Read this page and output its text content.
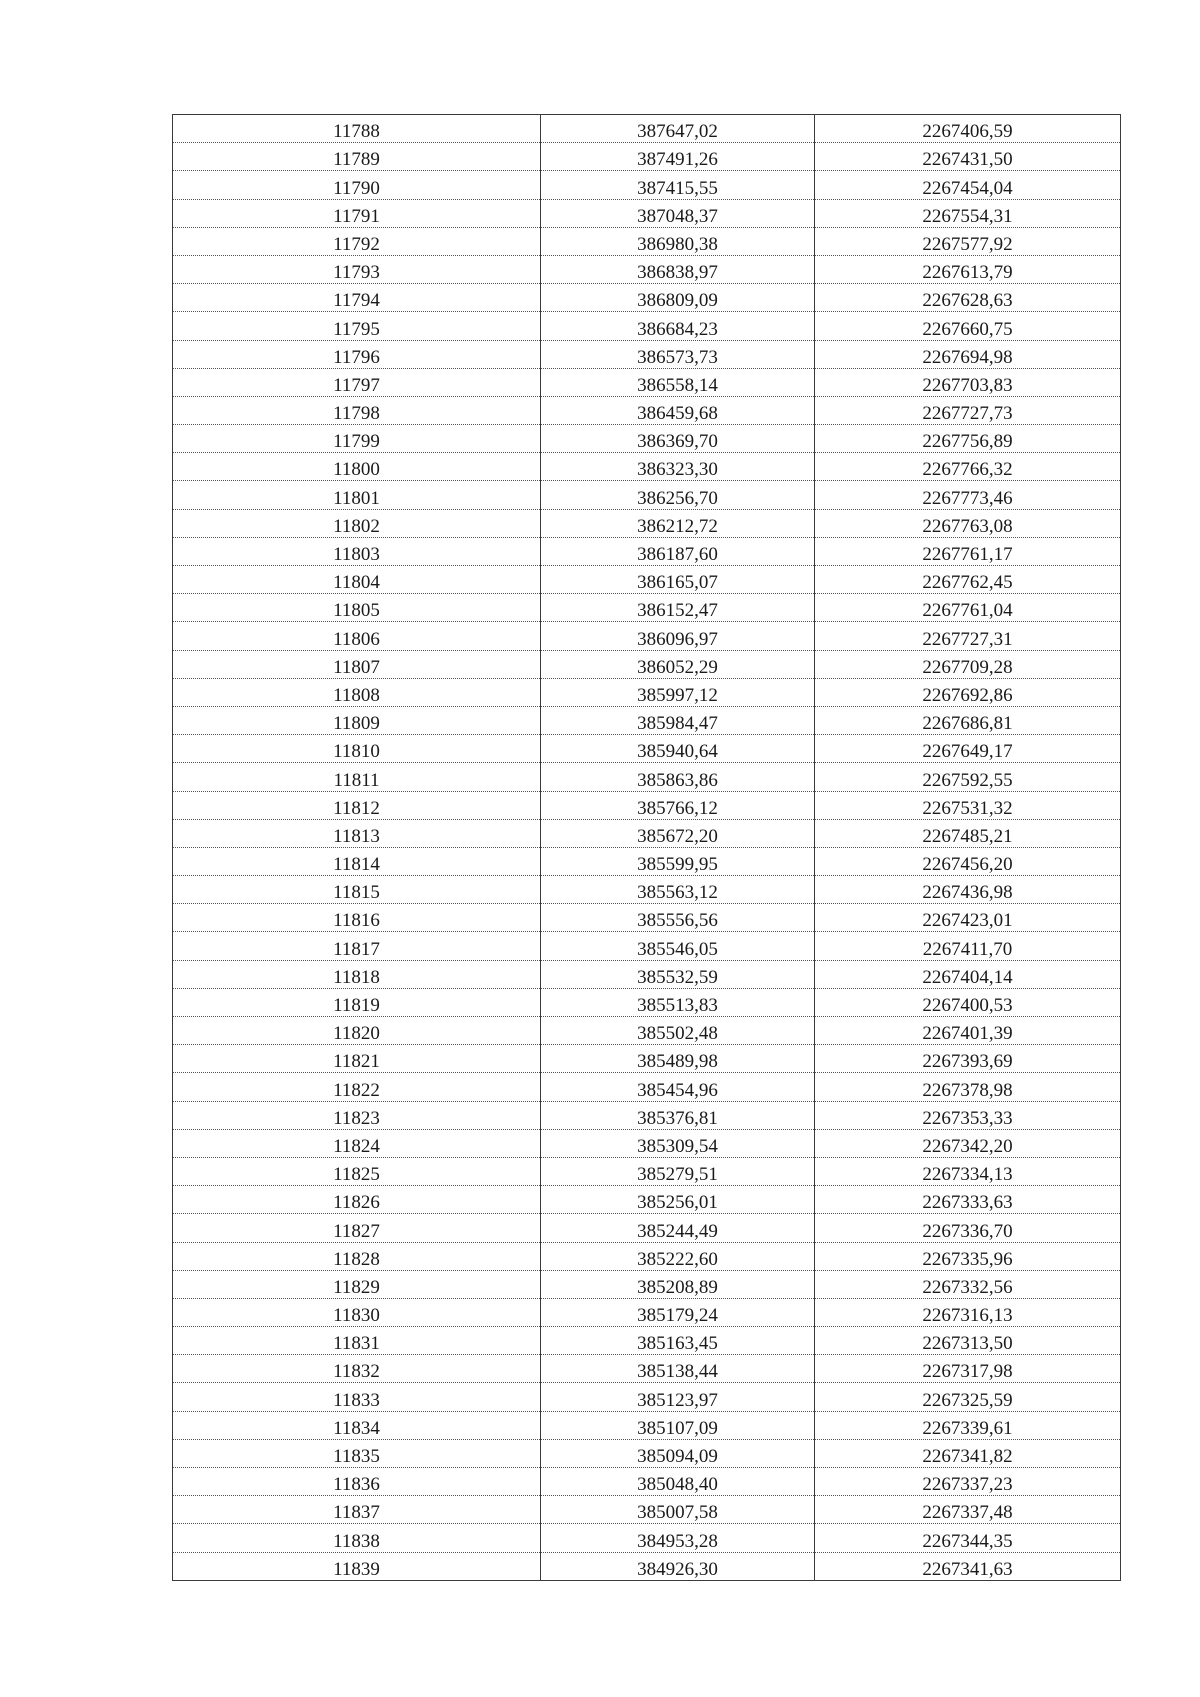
11788	387647,02	2267406,59
11789	387491,26	2267431,50
11790	387415,55	2267454,04
11791	387048,37	2267554,31
11792	386980,38	2267577,92
11793	386838,97	2267613,79
11794	386809,09	2267628,63
11795	386684,23	2267660,75
11796	386573,73	2267694,98
11797	386558,14	2267703,83
11798	386459,68	2267727,73
11799	386369,70	2267756,89
11800	386323,30	2267766,32
11801	386256,70	2267773,46
11802	386212,72	2267763,08
11803	386187,60	2267761,17
11804	386165,07	2267762,45
11805	386152,47	2267761,04
11806	386096,97	2267727,31
11807	386052,29	2267709,28
11808	385997,12	2267692,86
11809	385984,47	2267686,81
11810	385940,64	2267649,17
11811	385863,86	2267592,55
11812	385766,12	2267531,32
11813	385672,20	2267485,21
11814	385599,95	2267456,20
11815	385563,12	2267436,98
11816	385556,56	2267423,01
11817	385546,05	2267411,70
11818	385532,59	2267404,14
11819	385513,83	2267400,53
11820	385502,48	2267401,39
11821	385489,98	2267393,69
11822	385454,96	2267378,98
11823	385376,81	2267353,33
11824	385309,54	2267342,20
11825	385279,51	2267334,13
11826	385256,01	2267333,63
11827	385244,49	2267336,70
11828	385222,60	2267335,96
11829	385208,89	2267332,56
11830	385179,24	2267316,13
11831	385163,45	2267313,50
11832	385138,44	2267317,98
11833	385123,97	2267325,59
11834	385107,09	2267339,61
11835	385094,09	2267341,82
11836	385048,40	2267337,23
11837	385007,58	2267337,48
11838	384953,28	2267344,35
11839	384926,30	2267341,63
